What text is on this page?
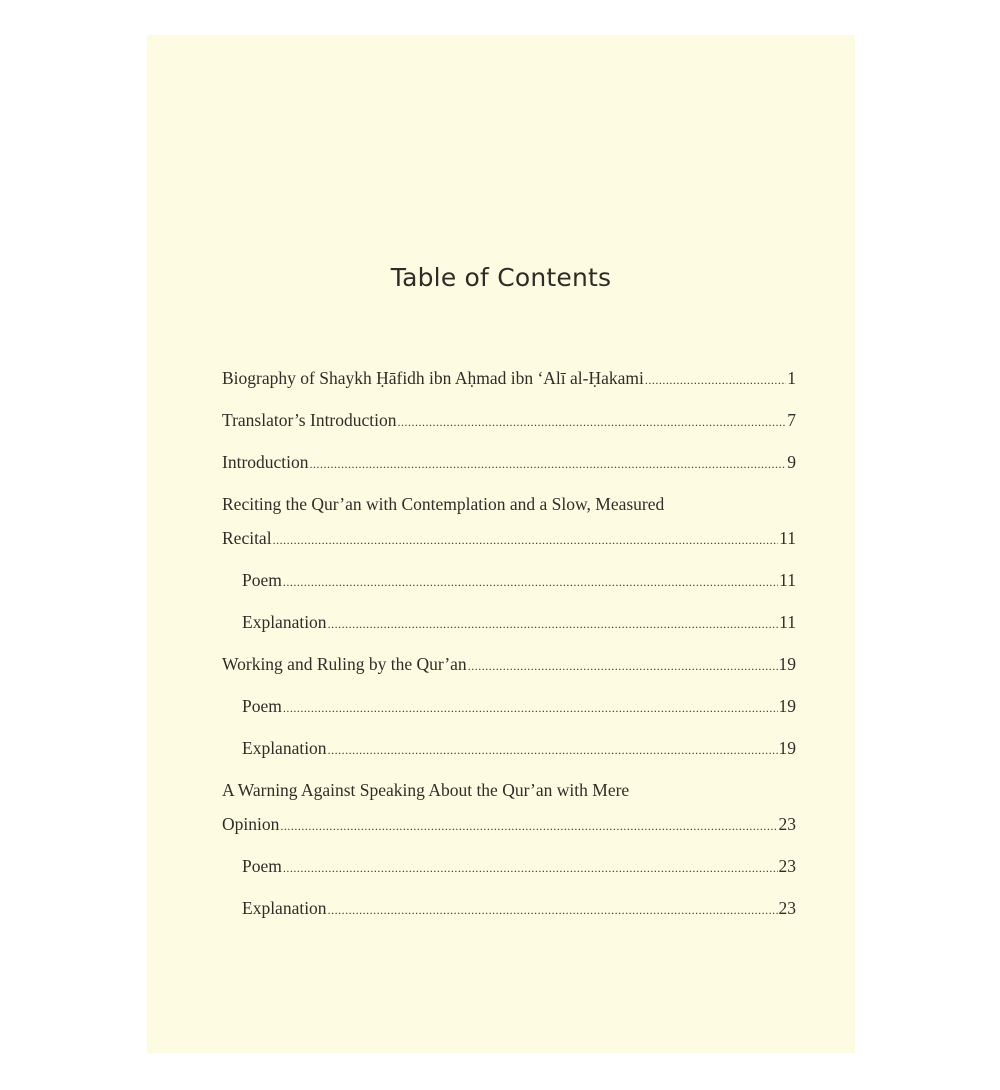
Table of Contents
Biography of Shaykh Ḥāfidh ibn Aḥmad ibn ‘Alī al-Ḥakami .....	1
Translator’s Introduction .....	7
Introduction .....	9
Reciting the Qur’an with Contemplation and a Slow, Measured
Recital .....	11
Poem .....	11
Explanation .....	11
Working and Ruling by the Qur’an .....	19
Poem .....	19
Explanation .....	19
A Warning Against Speaking About the Qur’an with Mere
Opinion .....	23
Poem .....	23
Explanation .....	23
